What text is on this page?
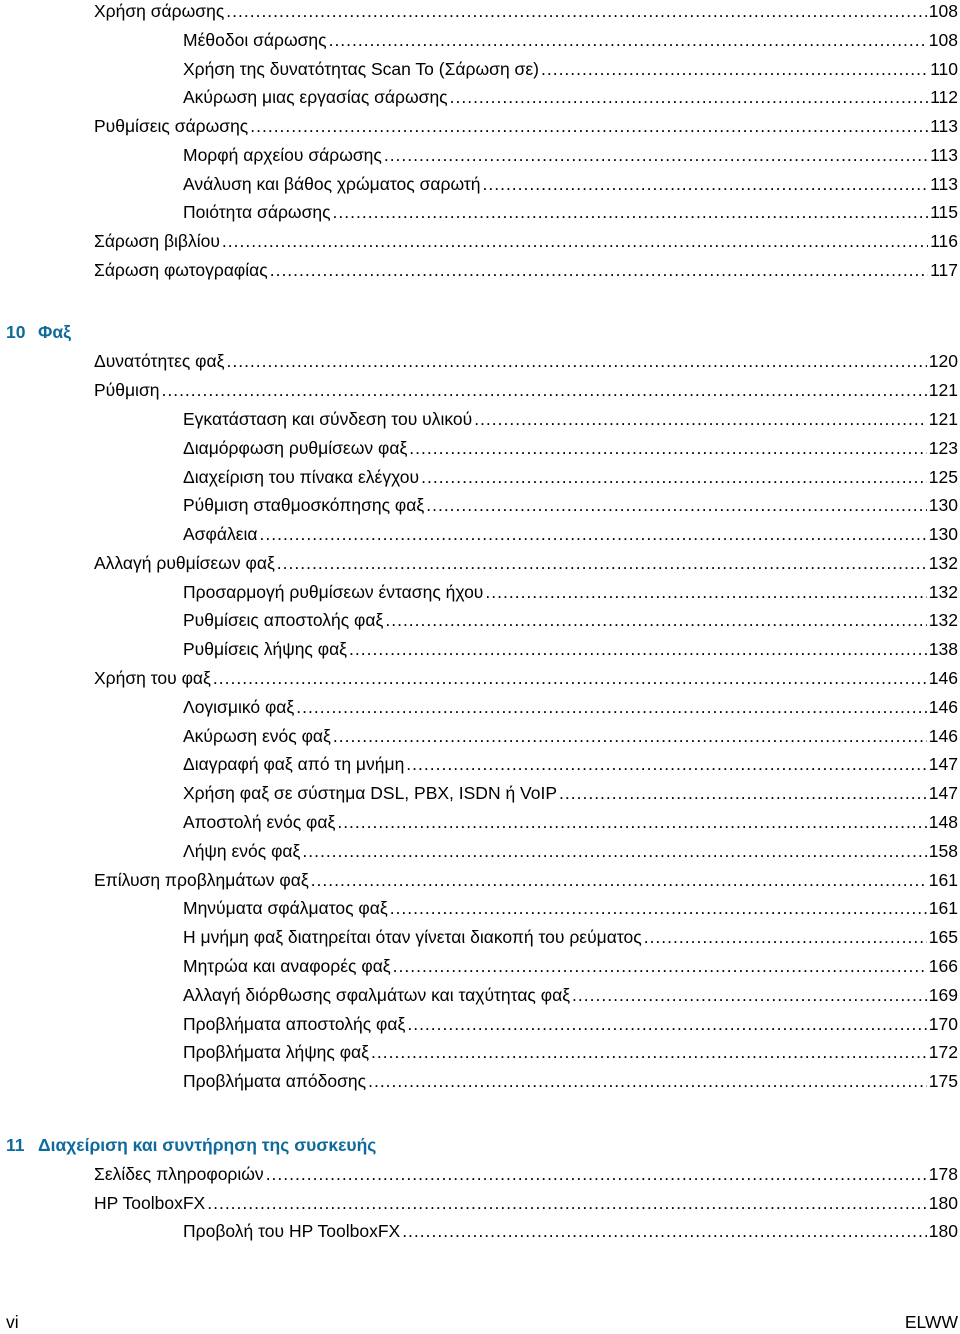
Χρήση σάρωσης .....	108
Μέθοδοι σάρωσης .....	108
Χρήση της δυνατότητας Scan To (Σάρωση σε) .....	110
Ακύρωση μιας εργασίας σάρωσης .....	112
Ρυθμίσεις σάρωσης .....	113
Μορφή αρχείου σάρωσης .....	113
Ανάλυση και βάθος χρώματος σαρωτή .....	113
Ποιότητα σάρωσης .....	115
Σάρωση βιβλίου .....	116
Σάρωση φωτογραφίας .....	117
10 Φαξ
Δυνατότητες φαξ .....	120
Ρύθμιση .....	121
Εγκατάσταση και σύνδεση του υλικού .....	121
Διαμόρφωση ρυθμίσεων φαξ .....	123
Διαχείριση του πίνακα ελέγχου .....	125
Ρύθμιση σταθμοσκόπησης φαξ .....	130
Ασφάλεια .....	130
Αλλαγή ρυθμίσεων φαξ .....	132
Προσαρμογή ρυθμίσεων έντασης ήχου .....	132
Ρυθμίσεις αποστολής φαξ .....	132
Ρυθμίσεις λήψης φαξ .....	138
Χρήση του φαξ .....	146
Λογισμικό φαξ .....	146
Ακύρωση ενός φαξ .....	146
Διαγραφή φαξ από τη μνήμη .....	147
Χρήση φαξ σε σύστημα DSL, PBX, ISDN ή VoIP .....	147
Αποστολή ενός φαξ .....	148
Λήψη ενός φαξ .....	158
Επίλυση προβλημάτων φαξ .....	161
Μηνύματα σφάλματος φαξ .....	161
Η μνήμη φαξ διατηρείται όταν γίνεται διακοπή του ρεύματος .....	165
Μητρώα και αναφορές φαξ .....	166
Αλλαγή διόρθωσης σφαλμάτων και ταχύτητας φαξ .....	169
Προβλήματα αποστολής φαξ .....	170
Προβλήματα λήψης φαξ .....	172
Προβλήματα απόδοσης .....	175
11 Διαχείριση και συντήρηση της συσκευής
Σελίδες πληροφοριών .....	178
HP ToolboxFX .....	180
Προβολή του HP ToolboxFX .....	180
vi	ELWW
